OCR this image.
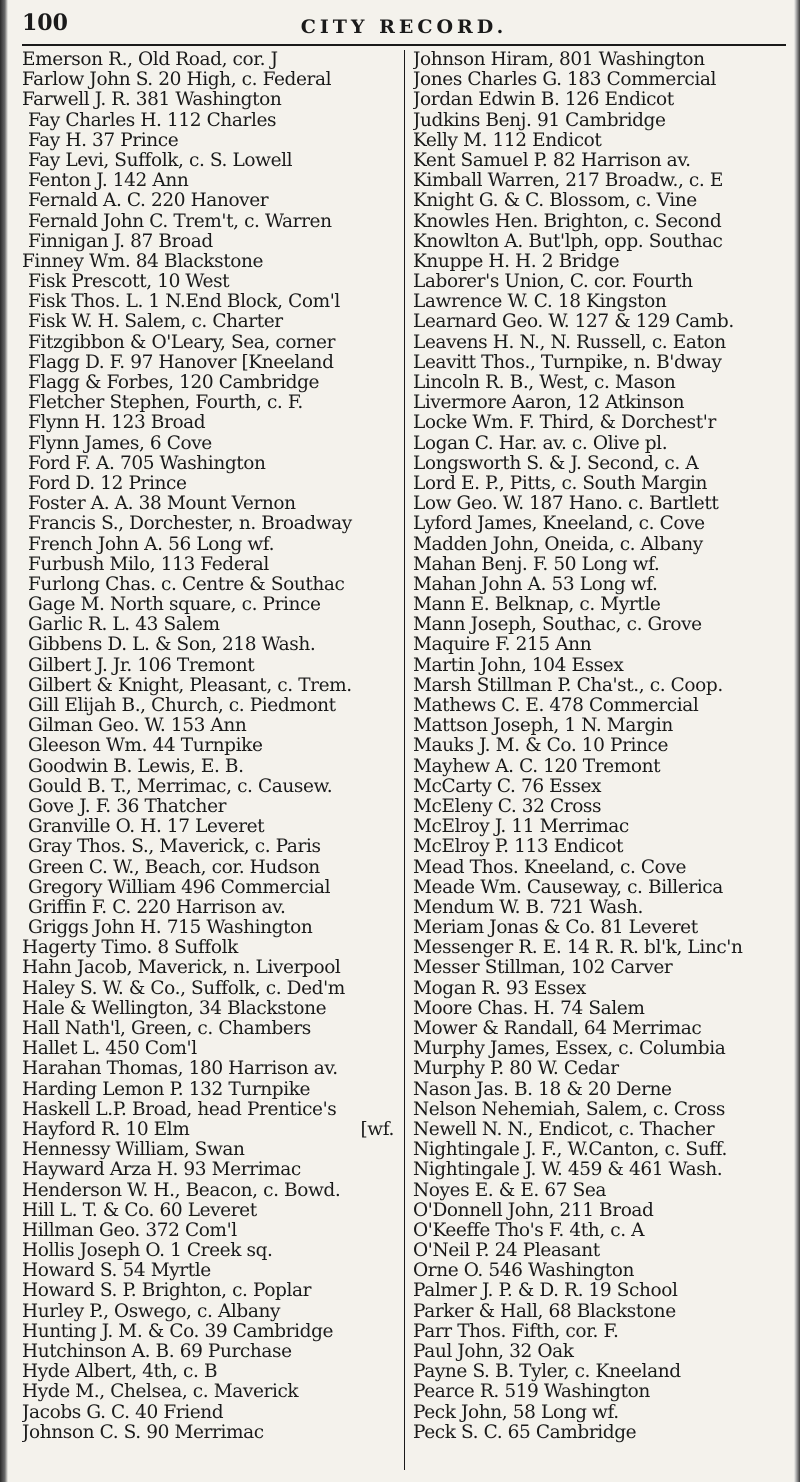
100	CITY RECORD.
Emerson R., Old Road, cor. J
Farlow John S. 20 High, c. Federal
Farwell J. R. 381 Washington
Fay Charles H. 112 Charles
Fay H. 37 Prince
Fay Levi, Suffolk, c. S. Lowell
Fenton J. 142 Ann
Fernald A. C. 220 Hanover
Fernald John C. Trem't, c. Warren
Finnigan J. 87 Broad
Finney Wm. 84 Blackstone
Fisk Prescott, 10 West
Fisk Thos. L. 1 N.End Block, Com'l
Fisk W. H. Salem, c. Charter
Fitzgibbon & O'Leary, Sea, corner
Flagg D. F. 97 Hanover [Kneeland
Flagg & Forbes, 120 Cambridge
Fletcher Stephen, Fourth, c. F.
Flynn H. 123 Broad
Flynn James, 6 Cove
Ford F. A. 705 Washington
Ford D. 12 Prince
Foster A. A. 38 Mount Vernon
Francis S., Dorchester, n. Broadway
French John A. 56 Long wf.
Furbush Milo, 113 Federal
Furlong Chas. c. Centre & Southac
Gage M. North square, c. Prince
Garlic R. L. 43 Salem
Gibbens D. L. & Son, 218 Wash.
Gilbert J. Jr. 106 Tremont
Gilbert & Knight, Pleasant, c. Trem.
Gill Elijah B., Church, c. Piedmont
Gilman Geo. W. 153 Ann
Gleeson Wm. 44 Turnpike
Goodwin B. Lewis, E. B.
Gould B. T., Merrimac, c. Causew.
Gove J. F. 36 Thatcher
Granville O. H. 17 Leveret
Gray Thos. S., Maverick, c. Paris
Green C. W., Beach, cor. Hudson
Gregory William 496 Commercial
Griffin F. C. 220 Harrison av.
Griggs John H. 715 Washington
Hagerty Timo. 8 Suffolk
Hahn Jacob, Maverick, n. Liverpool
Haley S. W. & Co., Suffolk, c. Ded'm
Hale & Wellington, 34 Blackstone
Hall Nath'l, Green, c. Chambers
Hallet L. 450 Com'l
Harahan Thomas, 180 Harrison av.
Harding Lemon P. 132 Turnpike
Haskell L.P. Broad, head Prentice's
Hayford R. 10 Elm	[wf.
Hennessy William, Swan
Hayward Arza H. 93 Merrimac
Henderson W. H., Beacon, c. Bowd.
Hill L. T. & Co. 60 Leveret
Hillman Geo. 372 Com'l
Hollis Joseph O. 1 Creek sq.
Howard S. 54 Myrtle
Howard S. P. Brighton, c. Poplar
Hurley P., Oswego, c. Albany
Hunting J. M. & Co. 39 Cambridge
Hutchinson A. B. 69 Purchase
Hyde Albert, 4th, c. B
Hyde M., Chelsea, c. Maverick
Jacobs G. C. 40 Friend
Johnson C. S. 90 Merrimac
Johnson Hiram, 801 Washington
Jones Charles G. 183 Commercial
Jordan Edwin B. 126 Endicot
Judkins Benj. 91 Cambridge
Kelly M. 112 Endicot
Kent Samuel P. 82 Harrison av.
Kimball Warren, 217 Broadw., c. E
Knight G. & C. Blossom, c. Vine
Knowles Hen. Brighton, c. Second
Knowlton A. But'lph, opp. Southac
Knuppe H. H. 2 Bridge
Laborer's Union, C. cor. Fourth
Lawrence W. C. 18 Kingston
Learnard Geo. W. 127 & 129 Camb.
Leavens H. N., N. Russell, c. Eaton
Leavitt Thos., Turnpike, n. B'dway
Lincoln R. B., West, c. Mason
Livermore Aaron, 12 Atkinson
Locke Wm. F. Third, & Dorchest'r
Logan C. Har. av. c. Olive pl.
Longsworth S. & J. Second, c. A
Lord E. P., Pitts, c. South Margin
Low Geo. W. 187 Hano. c. Bartlett
Lyford James, Kneeland, c. Cove
Madden John, Oneida, c. Albany
Mahan Benj. F. 50 Long wf.
Mahan John A. 53 Long wf.
Mann E. Belknap, c. Myrtle
Mann Joseph, Southac, c. Grove
Maquire F. 215 Ann
Martin John, 104 Essex
Marsh Stillman P. Cha'st., c. Coop.
Mathews C. E. 478 Commercial
Mattson Joseph, 1 N. Margin
Mauks J. M. & Co. 10 Prince
Mayhew A. C. 120 Tremont
McCarty C. 76 Essex
McEleny C. 32 Cross
McElroy J. 11 Merrimac
McElroy P. 113 Endicot
Mead Thos. Kneeland, c. Cove
Meade Wm. Causeway, c. Billerica
Mendum W. B. 721 Wash.
Meriam Jonas & Co. 81 Leveret
Messenger R. E. 14 R. R. bl'k, Linc'n
Messer Stillman, 102 Carver
Mogan R. 93 Essex
Moore Chas. H. 74 Salem
Mower & Randall, 64 Merrimac
Murphy James, Essex, c. Columbia
Murphy P. 80 W. Cedar
Nason Jas. B. 18 & 20 Derne
Nelson Nehemiah, Salem, c. Cross
Newell N. N., Endicot, c. Thacher
Nightingale J. F., W.Canton, c. Suff.
Nightingale J. W. 459 & 461 Wash.
Noyes E. & E. 67 Sea
O'Donnell John, 211 Broad
O'Keeffe Tho's F. 4th, c. A
O'Neil P. 24 Pleasant
Orne O. 546 Washington
Palmer J. P. & D. R. 19 School
Parker & Hall, 68 Blackstone
Parr Thos. Fifth, cor. F.
Paul John, 32 Oak
Payne S. B. Tyler, c. Kneeland
Pearce R. 519 Washington
Peck John, 58 Long wf.
Peck S. C. 65 Cambridge
